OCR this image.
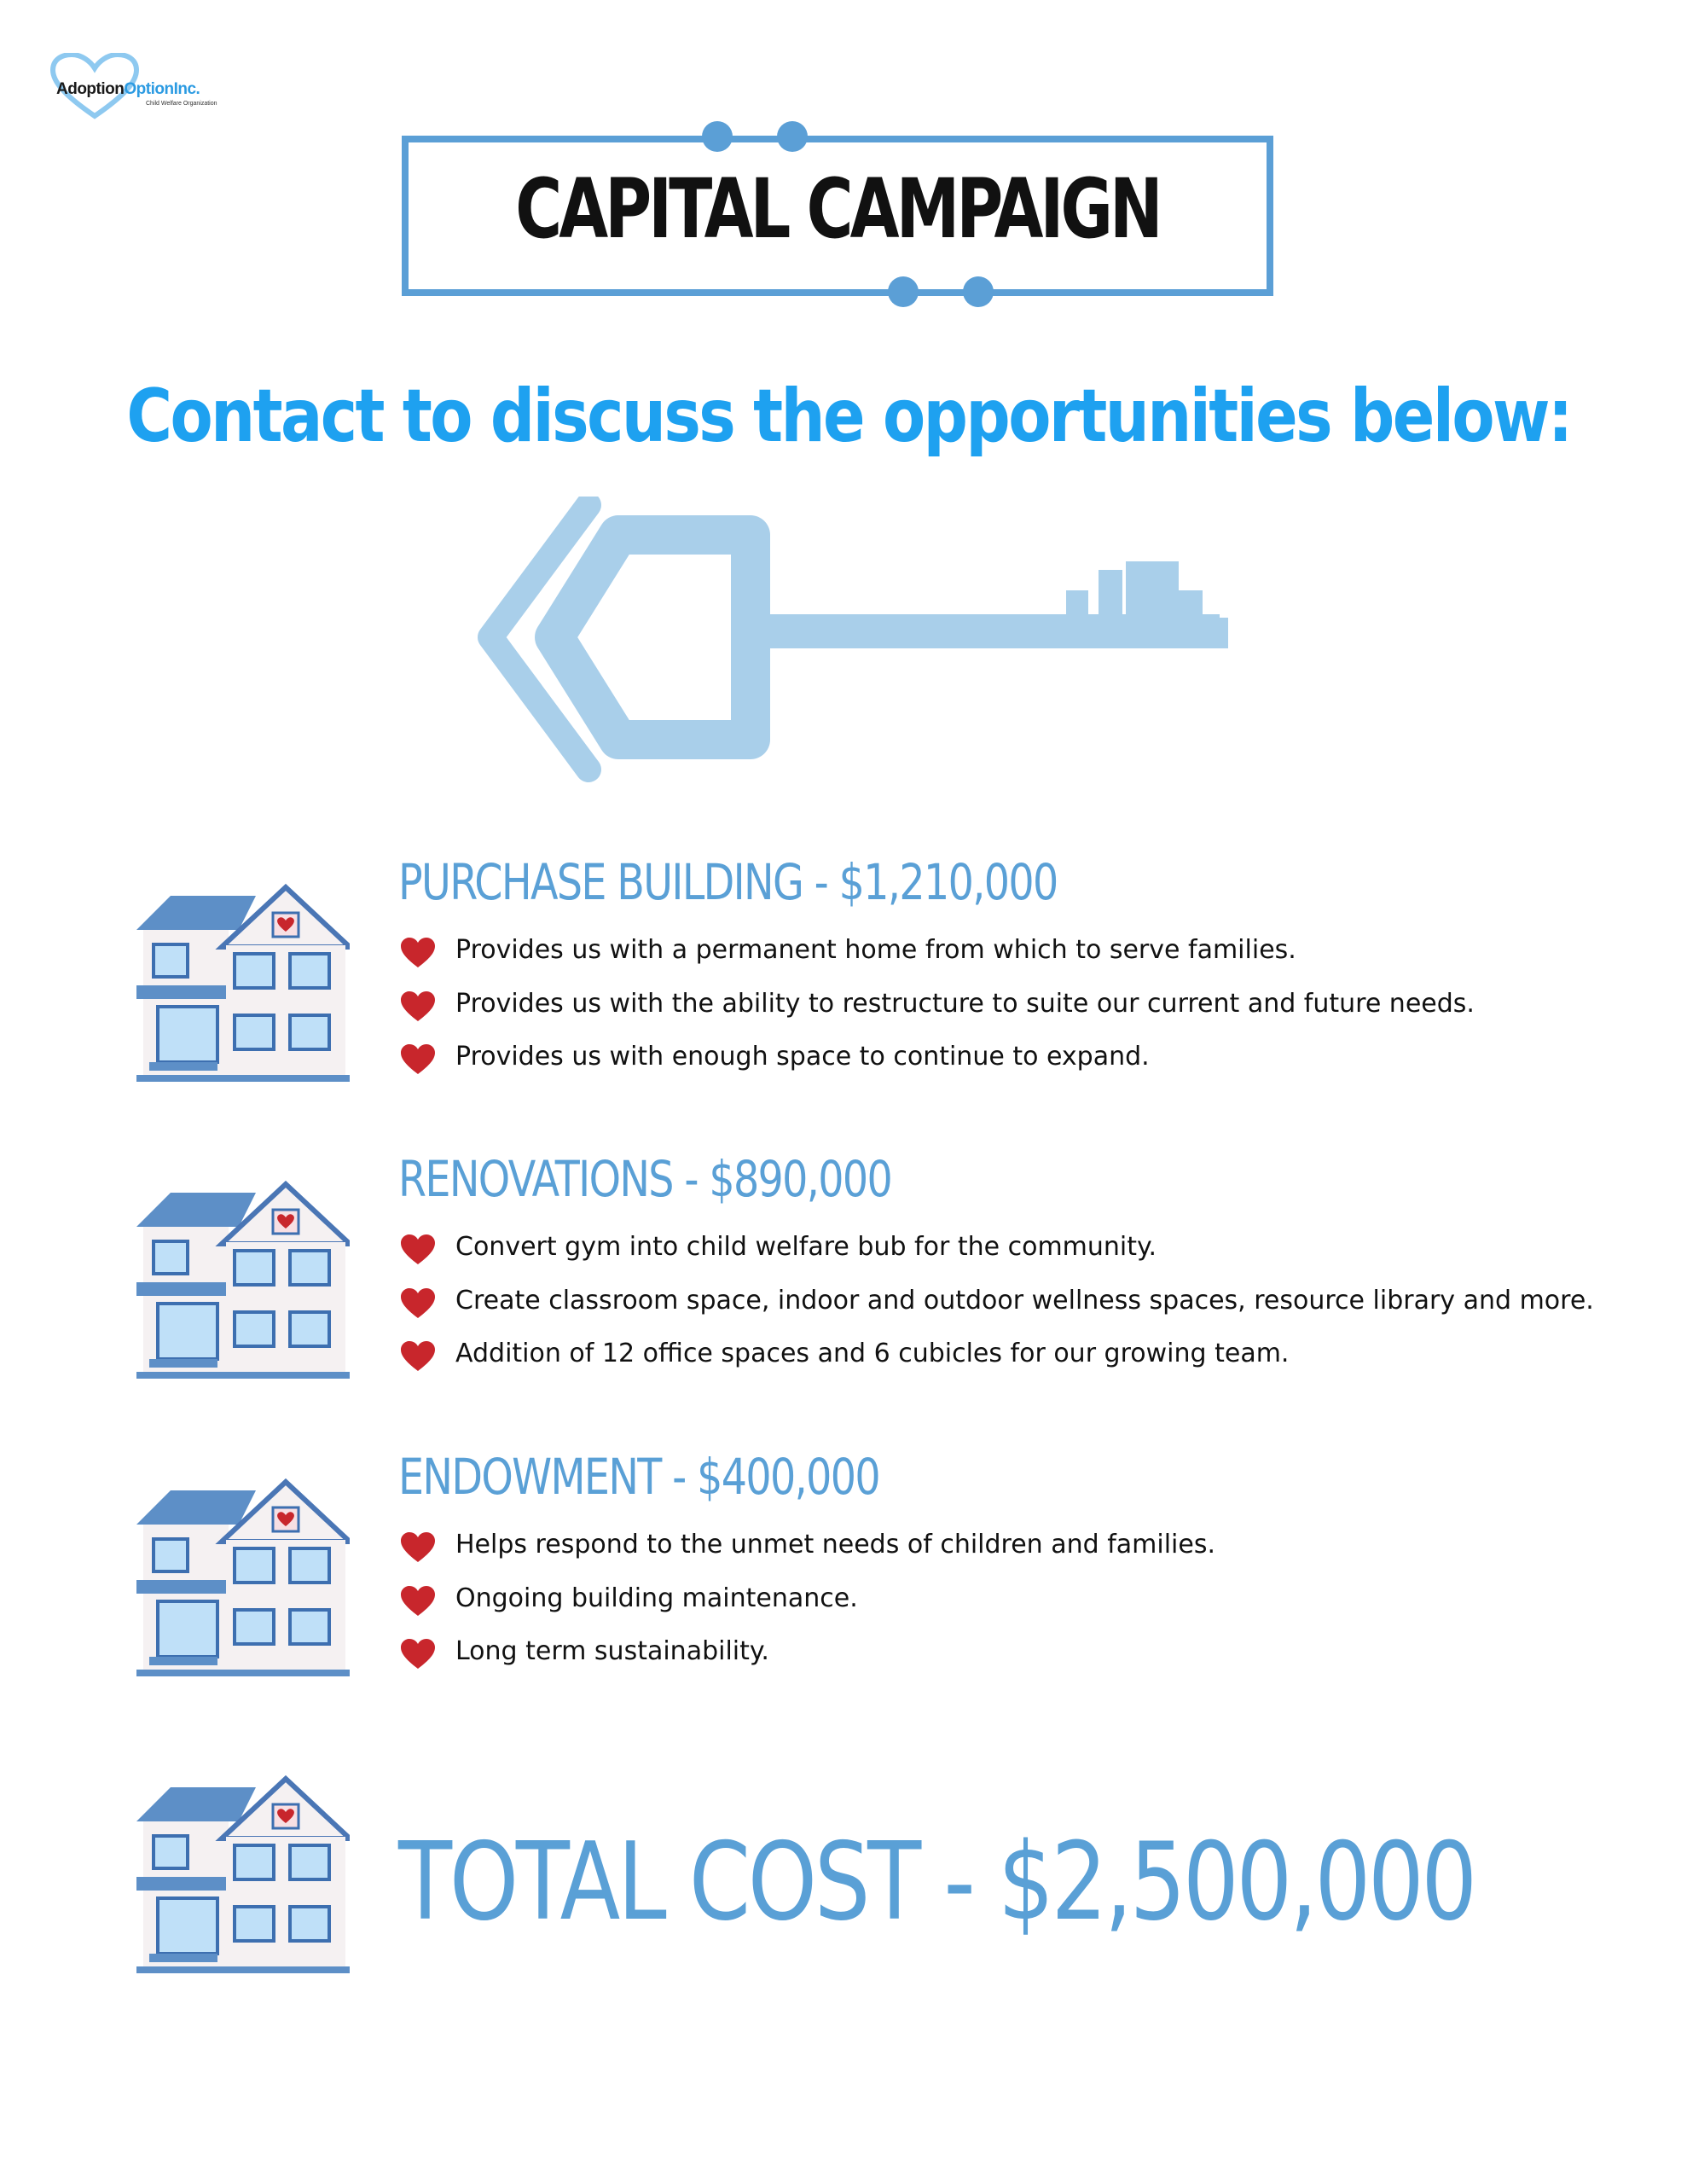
AdoptionOptionInc.
Child Welfare Organization
CAPITAL CAMPAIGN
Contact to discuss the opportunities below:
PURCHASE BUILDING - $1,210,000
Provides us with a permanent home from which to serve families.
Provides us with the ability to restructure to suite our current and future needs.
Provides us with enough space to continue to expand.
RENOVATIONS - $890,000
Convert gym into child welfare bub for the community.
Create classroom space, indoor and outdoor wellness spaces, resource library and more.
Addition of 12 office spaces and 6 cubicles for our growing team.
ENDOWMENT - $400,000
Helps respond to the unmet needs of children and families.
Ongoing building maintenance.
Long term sustainability.
TOTAL COST - $2,500,000
